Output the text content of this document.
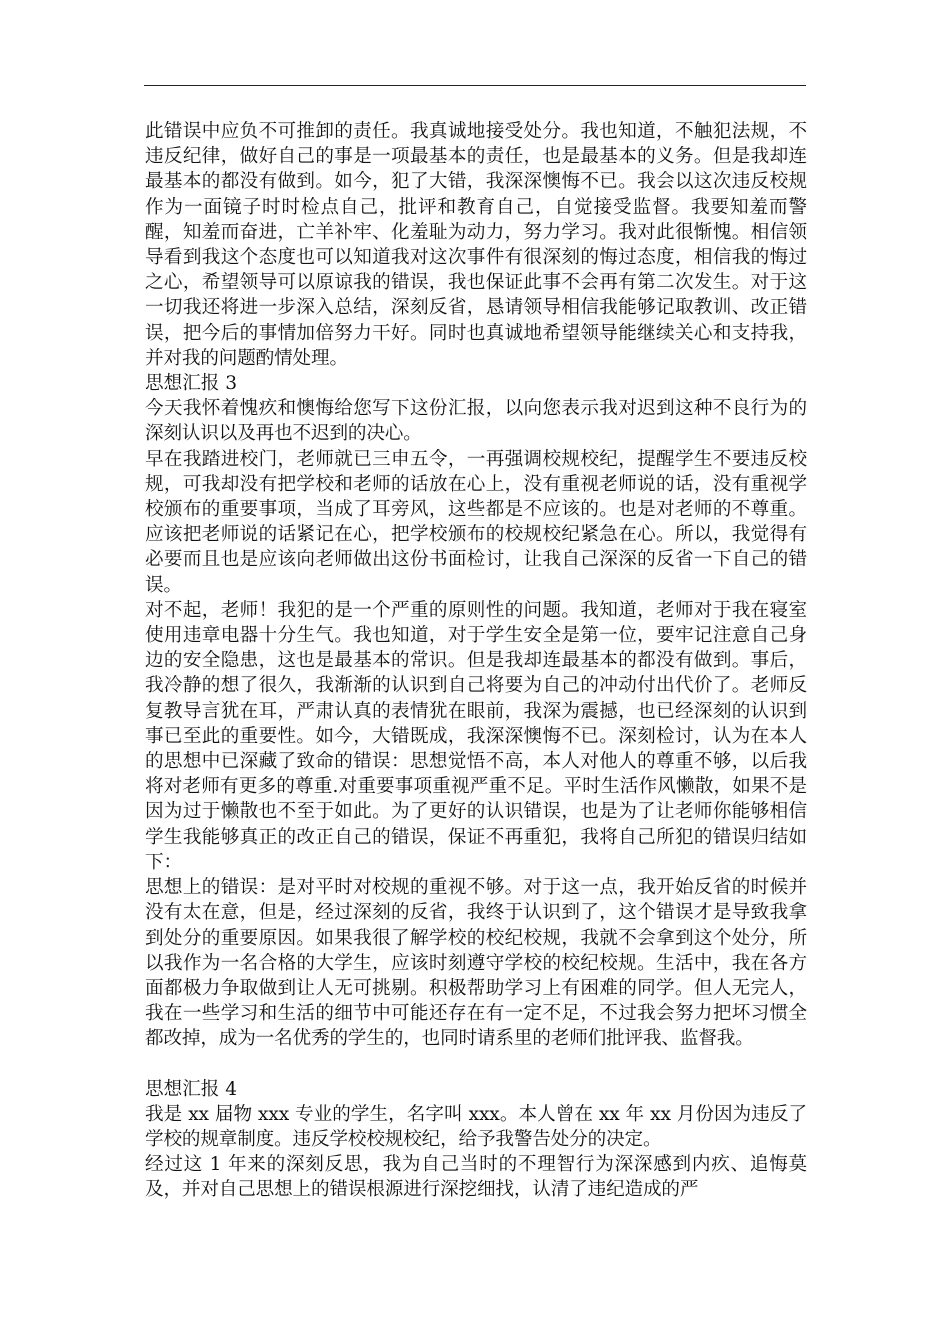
此错误中应负不可推卸的责任。我真诚地接受处分。我也知道，不触犯法规，不违反纪律，做好自己的事是一项最基本的责任，也是最基本的义务。但是我却连最基本的都没有做到。如今，犯了大错，我深深懊悔不已。我会以这次违反校规作为一面镜子时时检点自己，批评和教育自己，自觉接受监督。我要知羞而警醒，知羞而奋进，亡羊补牢、化羞耻为动力，努力学习。我对此很惭愧。相信领导看到我这个态度也可以知道我对这次事件有很深刻的悔过态度，相信我的悔过之心，希望领导可以原谅我的错误，我也保证此事不会再有第二次发生。对于这一切我还将进一步深入总结，深刻反省，恳请领导相信我能够记取教训、改正错误，把今后的事情加倍努力干好。同时也真诚地希望领导能继续关心和支持我，并对我的问题酌情处理。

思想汇报 3

今天我怀着愧疚和懊悔给您写下这份汇报，以向您表示我对迟到这种不良行为的深刻认识以及再也不迟到的决心。

早在我踏进校门，老师就已三申五令，一再强调校规校纪，提醒学生不要违反校规，可我却没有把学校和老师的话放在心上，没有重视老师说的话，没有重视学校颁布的重要事项，当成了耳旁风，这些都是不应该的。也是对老师的不尊重。应该把老师说的话紧记在心，把学校颁布的校规校纪紧急在心。所以，我觉得有必要而且也是应该向老师做出这份书面检讨，让我自己深深的反省一下自己的错误。

对不起，老师！我犯的是一个严重的原则性的问题。我知道，老师对于我在寝室使用违章电器十分生气。我也知道，对于学生安全是第一位，要牢记注意自己身边的安全隐患，这也是最基本的常识。但是我却连最基本的都没有做到。事后，我冷静的想了很久，我渐渐的认识到自己将要为自己的冲动付出代价了。老师反复教导言犹在耳，严肃认真的表情犹在眼前，我深为震撼，也已经深刻的认识到事已至此的重要性。如今，大错既成，我深深懊悔不已。深刻检讨，认为在本人的思想中已深藏了致命的错误：思想觉悟不高，本人对他人的尊重不够，以后我将对老师有更多的尊重.对重要事项重视严重不足。平时生活作风懒散，如果不是因为过于懒散也不至于如此。为了更好的认识错误，也是为了让老师你能够相信学生我能够真正的改正自己的错误，保证不再重犯，我将自己所犯的错误归结如下：

思想上的错误：是对平时对校规的重视不够。对于这一点，我开始反省的时候并没有太在意，但是，经过深刻的反省，我终于认识到了，这个错误才是导致我拿到处分的重要原因。如果我很了解学校的校纪校规，我就不会拿到这个处分，所以我作为一名合格的大学生，应该时刻遵守学校的校纪校规。生活中，我在各方面都极力争取做到让人无可挑剔。积极帮助学习上有困难的同学。但人无完人，我在一些学习和生活的细节中可能还存在有一定不足，不过我会努力把坏习惯全都改掉，成为一名优秀的学生的，也同时请系里的老师们批评我、监督我。

思想汇报 4

我是 xx 届物 xxx 专业的学生，名字叫 xxx。本人曾在 xx 年 xx 月份因为违反了学校的规章制度。违反学校校规校纪，给予我警告处分的决定。

经过这 1 年来的深刻反思，我为自己当时的不理智行为深深感到内疚、追悔莫及，并对自己思想上的错误根源进行深挖细找，认清了违纪造成的严
